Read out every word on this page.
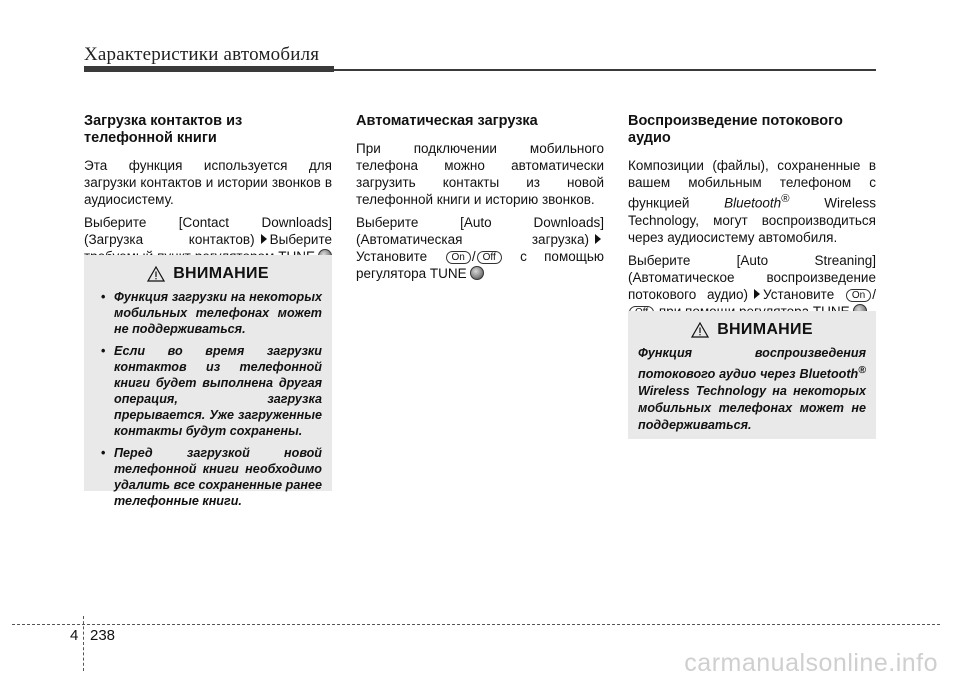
Характеристики автомобиля
Загрузка контактов из телефонной книги

Эта функция используется для загрузки контактов и истории звонков в аудиосистему.

Выберите [Contact Downloads] (Загрузка контактов) Выберите

ВНИМАНИЕ
• Функция загрузки на некоторых мобильных телефонах может не поддерживаться.
• Если во время загрузки контактов из телефонной книги будет выполнена другая операция, загрузка прерывается. Уже загруженные контакты будут сохранены.
• Перед загрузкой новой телефонной книги необходимо удалить все сохраненные ранее телефонные книги.
Автоматическая загрузка

При подключении мобильного телефона можно автоматически загрузить контакты из новой телефонной книги и историю звонков.

Выберите [Auto Downloads] (Автоматическая загрузка)Установите On / Off с помощью регулятора TUNE

Воспроизведение потокового аудио

Композиции (файлы), сохраненные в вашем мобильным телефоном с функцией	Bluetooth®	Wireless Technology, могут воспроизводиться через аудиосистему автомобиля.

Выберите [Auto Streaning] (Автоматическое воспроизведение потокового аудио) Установите On /

ВНИМАНИЕ
Функция воспроизведения потокового аудио через Bluetooth® Wireless Technology на некоторых мобильных телефонах может не поддерживаться.
4 238
carmanualsonline.info
